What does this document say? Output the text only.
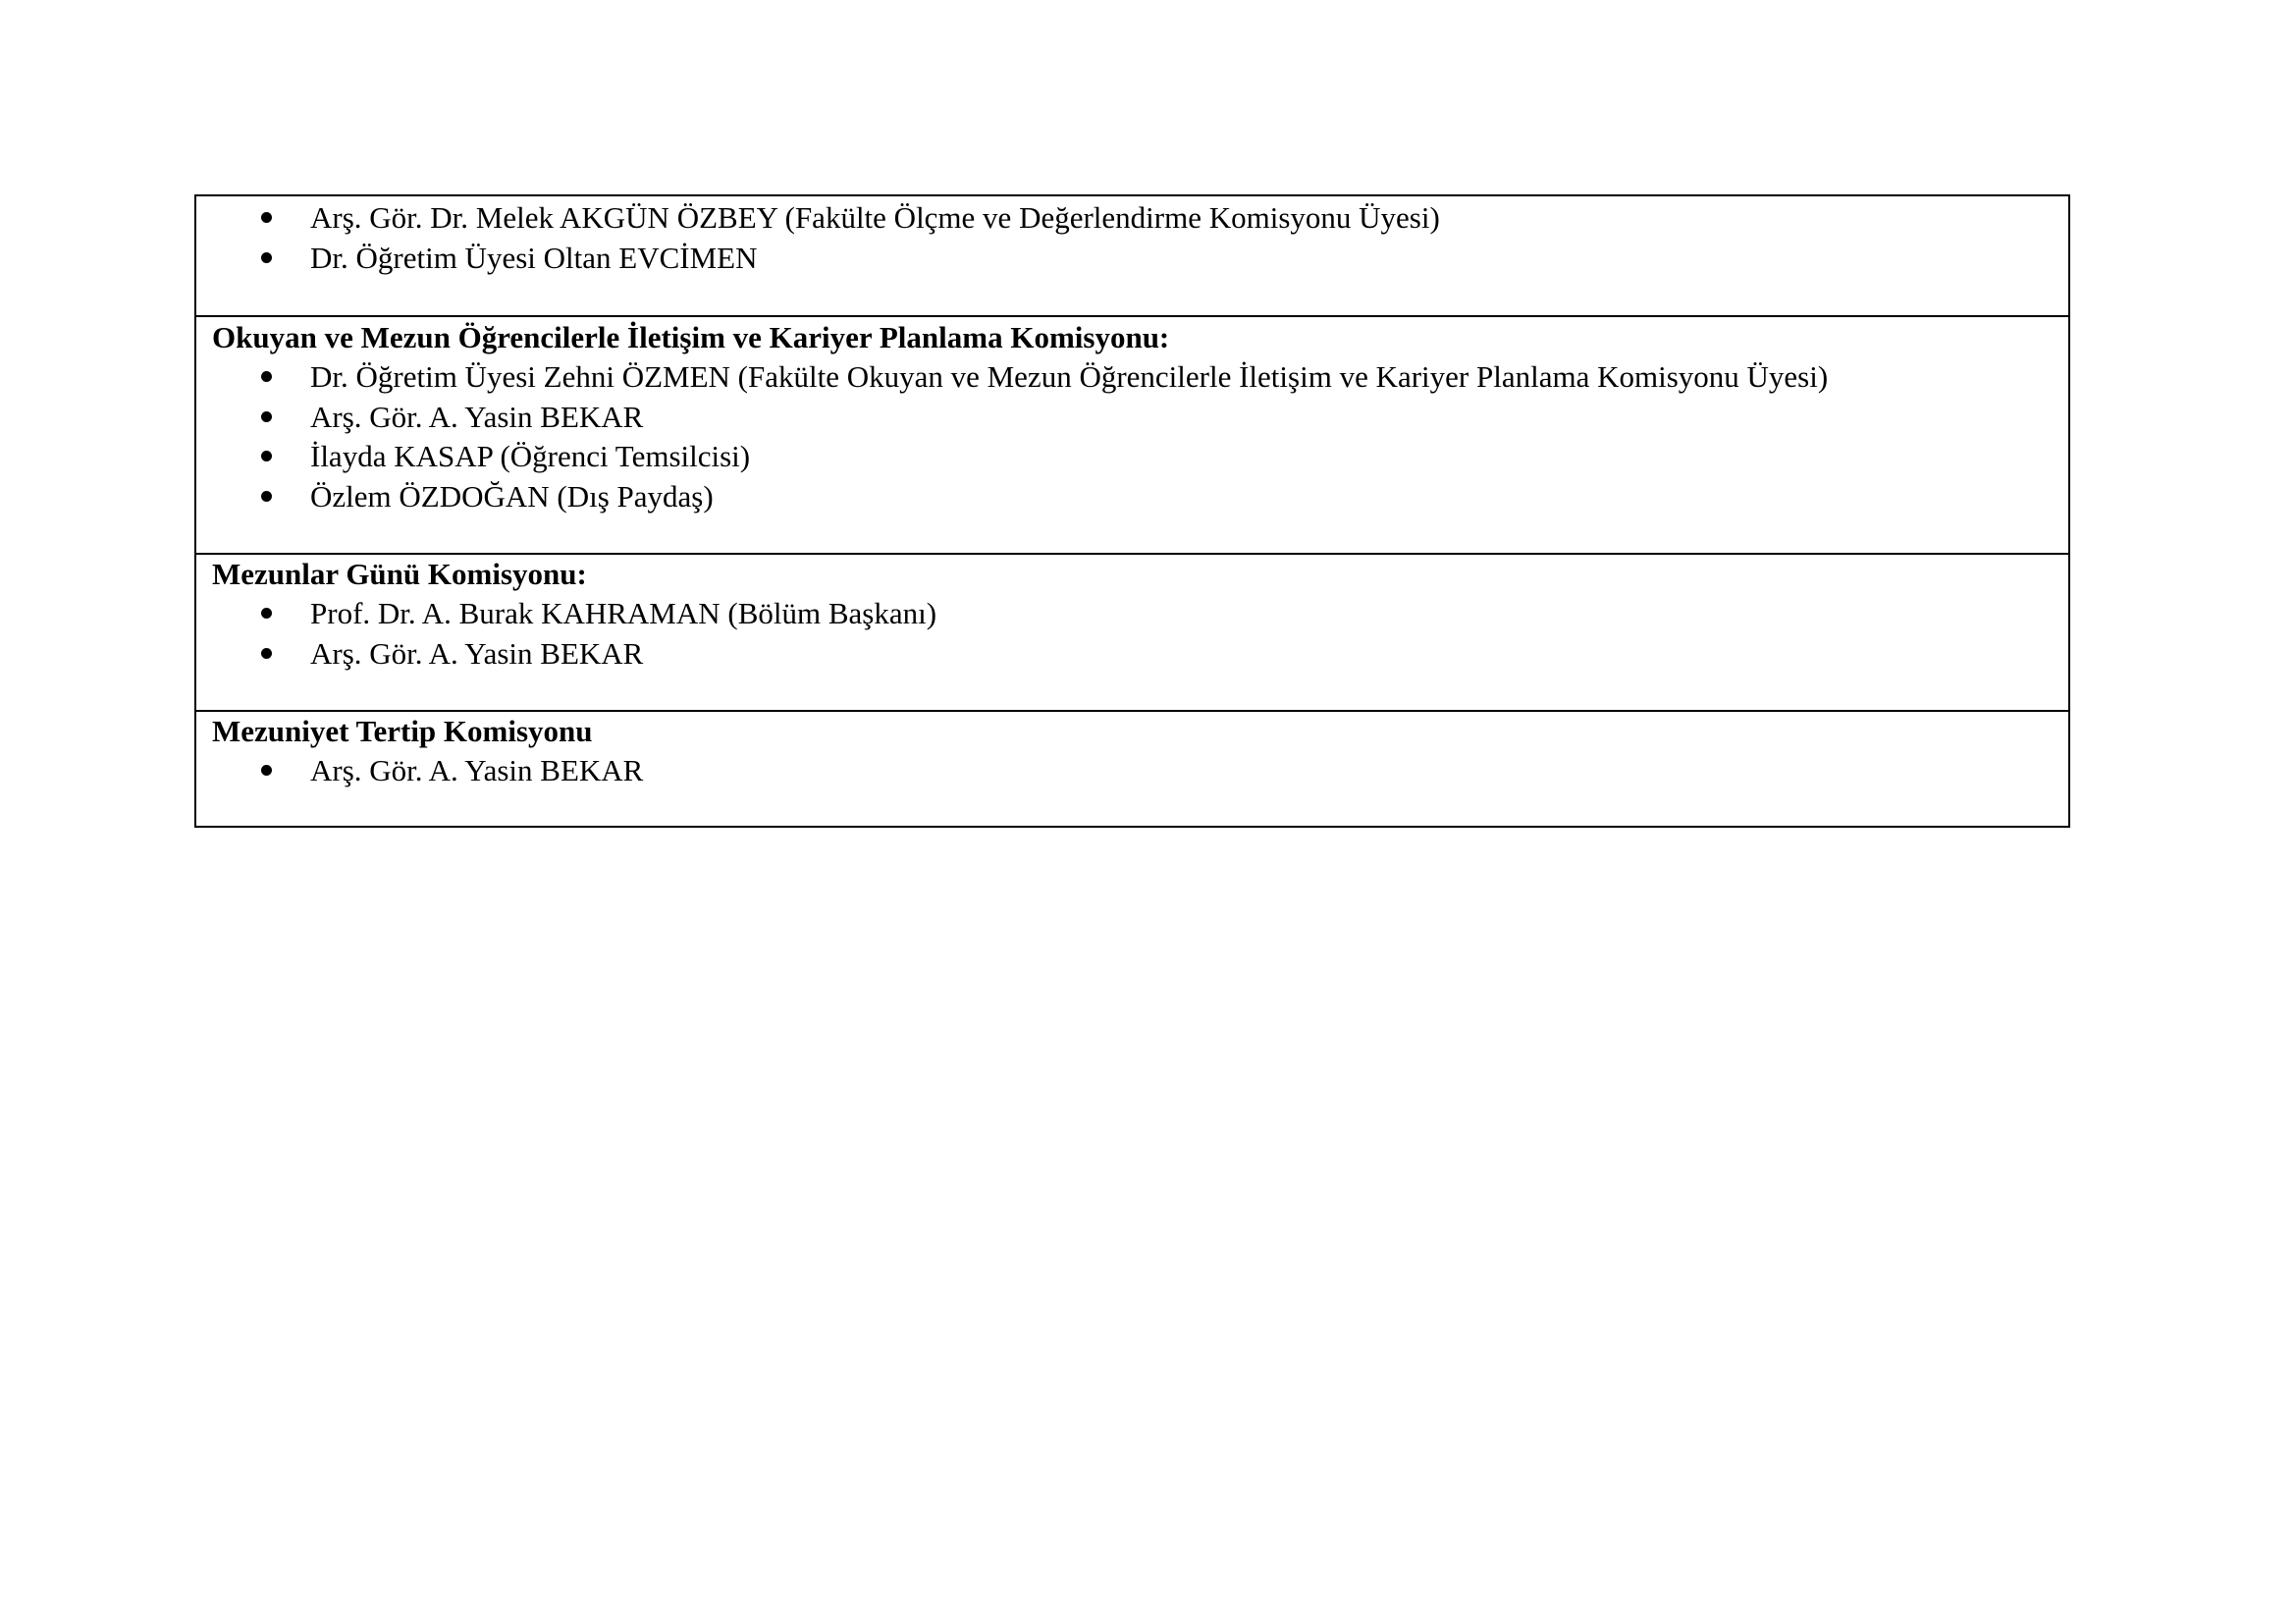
Arş. Gör. Dr. Melek AKGÜN ÖZBEY (Fakülte Ölçme ve Değerlendirme Komisyonu Üyesi)
Dr. Öğretim Üyesi Oltan EVCİMEN
Okuyan ve Mezun Öğrencilerle İletişim ve Kariyer Planlama Komisyonu:
Dr. Öğretim Üyesi Zehni ÖZMEN (Fakülte Okuyan ve Mezun Öğrencilerle İletişim ve Kariyer Planlama Komisyonu Üyesi)
Arş. Gör. A. Yasin BEKAR
İlayda KASAP (Öğrenci Temsilcisi)
Özlem ÖZDOĞAN (Dış Paydaş)
Mezunlar Günü Komisyonu:
Prof. Dr. A. Burak KAHRAMAN (Bölüm Başkanı)
Arş. Gör. A. Yasin BEKAR
Mezuniyet Tertip Komisyonu
Arş. Gör. A. Yasin BEKAR
